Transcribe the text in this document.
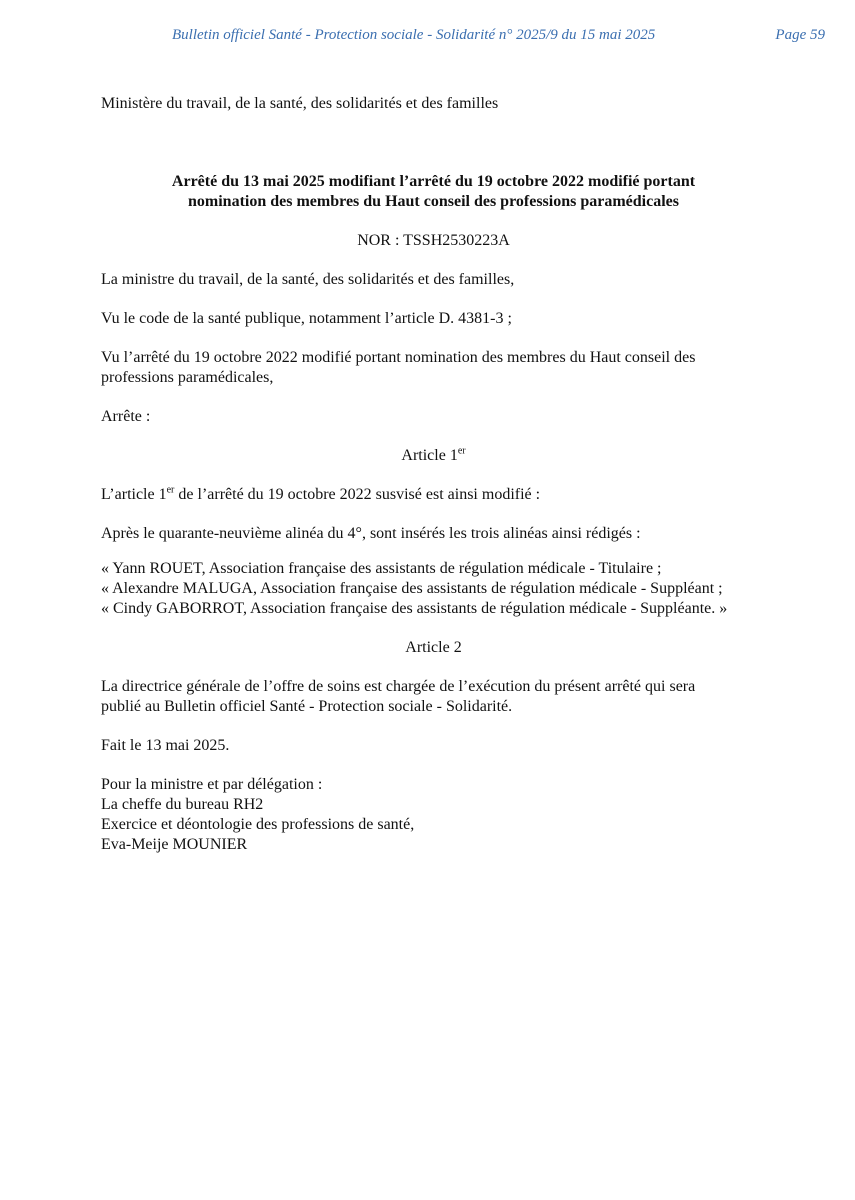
Bulletin officiel Santé - Protection sociale - Solidarité n° 2025/9 du 15 mai 2025	Page 59

Ministère du travail, de la santé, des solidarités et des familles

Arrêté du 13 mai 2025 modifiant l’arrêté du 19 octobre 2022 modifié portant
nomination des membres du Haut conseil des professions paramédicales

NOR : TSSH2530223A

La ministre du travail, de la santé, des solidarités et des familles,

Vu le code de la santé publique, notamment l’article D. 4381-3 ;

Vu l’arrêté du 19 octobre 2022 modifié portant nomination des membres du Haut conseil des
professions paramédicales,

Arrête :

Article 1er

L’article 1er de l’arrêté du 19 octobre 2022 susvisé est ainsi modifié :

Après le quarante-neuvième alinéa du 4°, sont insérés les trois alinéas ainsi rédigés :

« Yann ROUET, Association française des assistants de régulation médicale - Titulaire ;

« Alexandre MALUGA, Association française des assistants de régulation médicale - Suppléant ;

« Cindy GABORROT, Association française des assistants de régulation médicale - Suppléante. »

Article 2

La directrice générale de l’offre de soins est chargée de l’exécution du présent arrêté qui sera
publié au Bulletin officiel Santé - Protection sociale - Solidarité.

Fait le 13 mai 2025.

Pour la ministre et par délégation :
La cheffe du bureau RH2
Exercice et déontologie des professions de santé,
Eva-Meije MOUNIER
